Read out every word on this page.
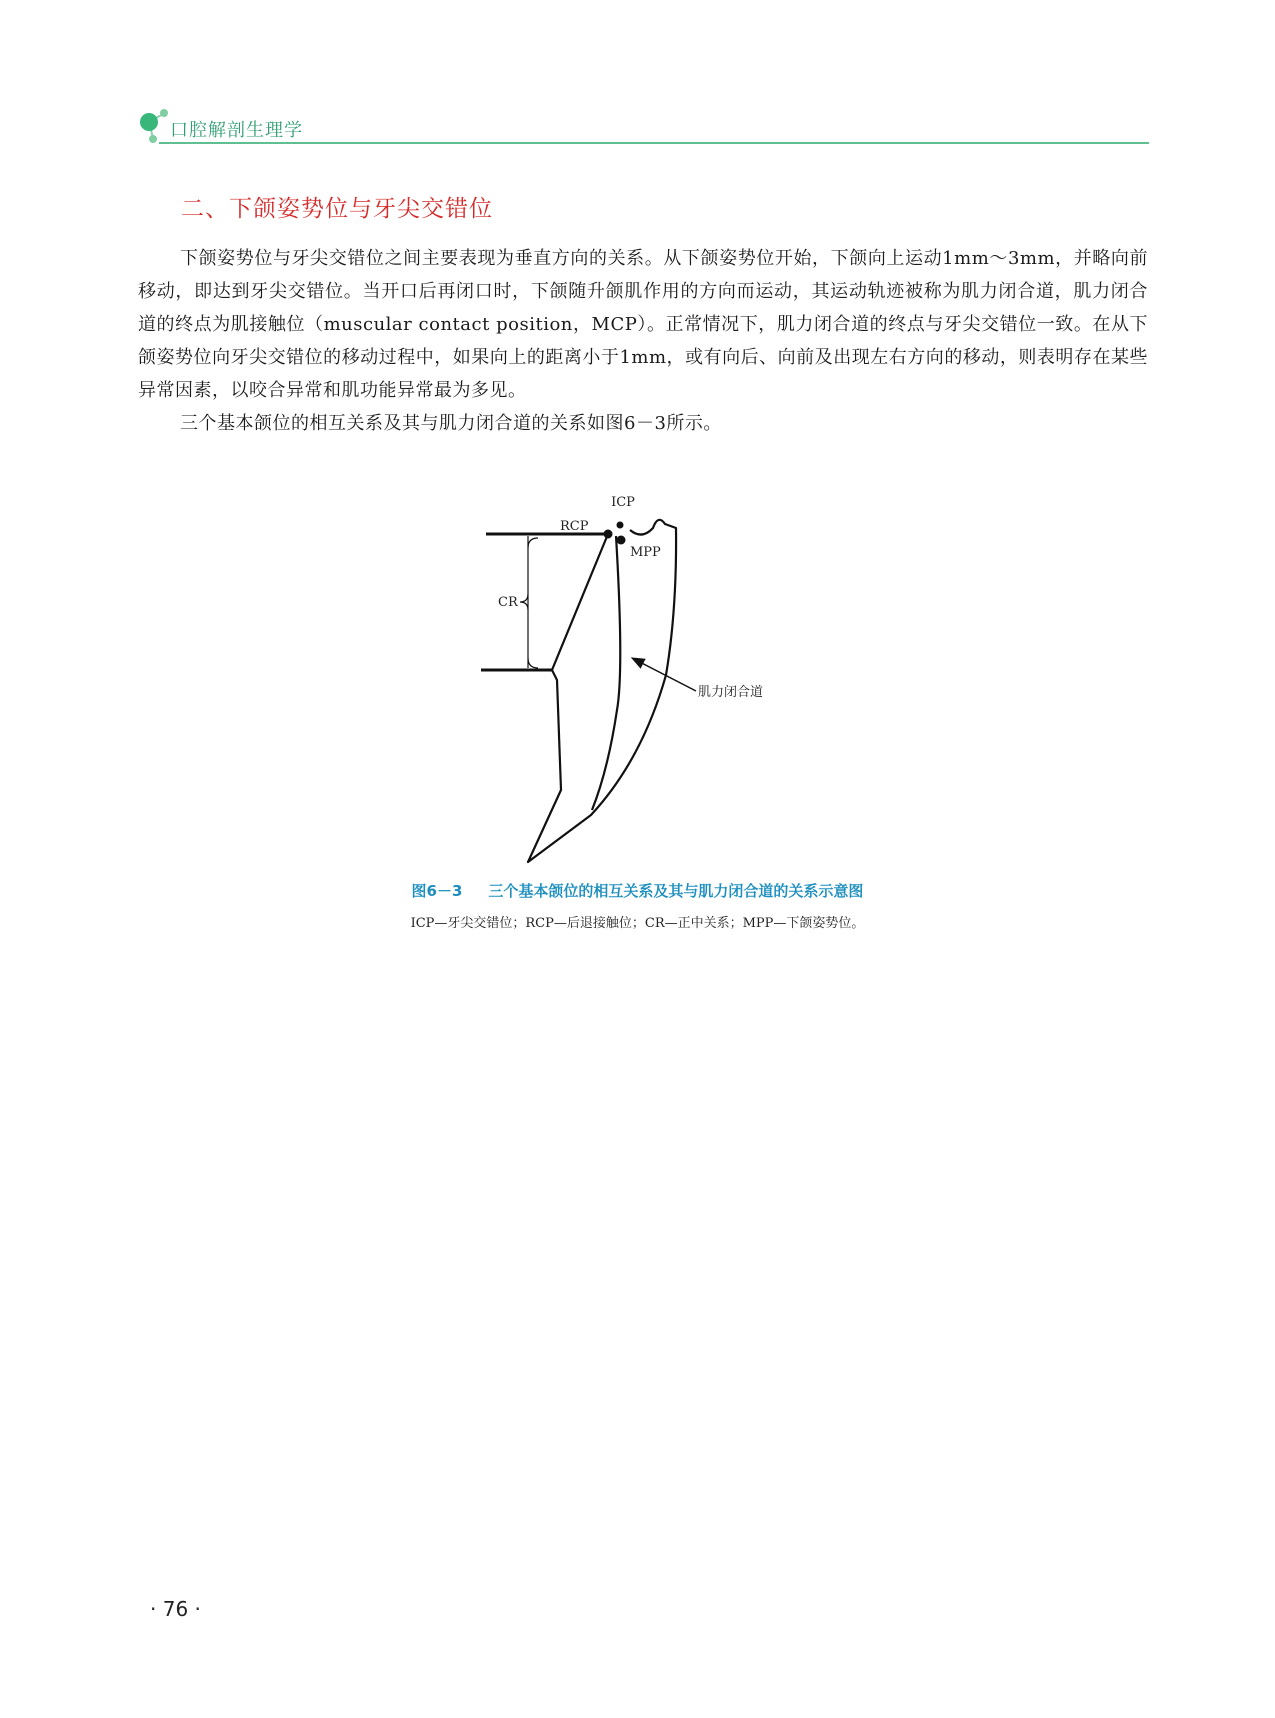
口腔解剖生理学
二、下颌姿势位与牙尖交错位

下颌姿势位与牙尖交错位之间主要表现为垂直方向的关系。从下颌姿势位开始，下颌向上运动1mm～3mm，并略向前移动，即达到牙尖交错位。当开口后再闭口时，下颌随升颌肌作用的方向而运动，其运动轨迹被称为肌力闭合道，肌力闭合道的终点为肌接触位（muscular contact position，MCP）。正常情况下，肌力闭合道的终点与牙尖交错位一致。在从下颌姿势位向牙尖交错位的移动过程中，如果向上的距离小于1mm，或有向后、向前及出现左右方向的移动，则表明存在某些异常因素，以咬合异常和肌功能异常最为多见。

三个基本颌位的相互关系及其与肌力闭合道的关系如图6－3所示。

ICP
RCP
MPP
CR
肌力闭合道
图6－3 三个基本颌位的相互关系及其与肌力闭合道的关系示意图
ICP—牙尖交错位；RCP—后退接触位；CR—正中关系；MPP—下颌姿势位。
· 76 ·
